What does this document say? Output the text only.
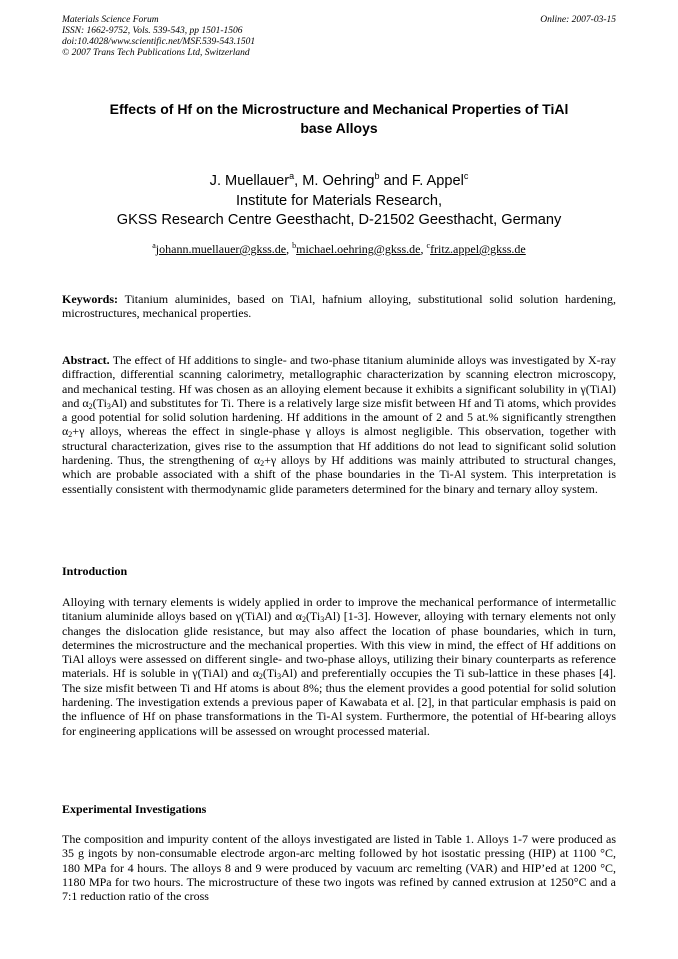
Materials Science Forum
ISSN: 1662-9752, Vols. 539-543, pp 1501-1506
doi:10.4028/www.scientific.net/MSF.539-543.1501
© 2007 Trans Tech Publications Ltd, Switzerland
Online: 2007-03-15
Effects of Hf on the Microstructure and Mechanical Properties of TiAl
base Alloys
J. Muellauer$^a$, M. Oehring$^b$ and F. Appel$^c$
Institute for Materials Research,
GKSS Research Centre Geesthacht, D-21502 Geesthacht, Germany
$^a$johann.muellauer@gkss.de, $^b$michael.oehring@gkss.de, $^c$fritz.appel@gkss.de
Keywords: Titanium aluminides, based on TiAl, hafnium alloying, substitutional solid solution hardening, microstructures, mechanical properties.
Abstract. The effect of Hf additions to single- and two-phase titanium aluminide alloys was investigated by X-ray diffraction, differential scanning calorimetry, metallographic characterization by scanning electron microscopy, and mechanical testing. Hf was chosen as an alloying element because it exhibits a significant solubility in γ(TiAl) and $\alpha_2(Ti_3Al)$ and substitutes for Ti. There is a relatively large size misfit between Hf and Ti atoms, which provides a good potential for solid solution hardening. Hf additions in the amount of 2 and 5 at.% significantly strengthen $\alpha_2+\gamma$ alloys, whereas the effect in single-phase γ alloys is almost negligible. This observation, together with structural characterization, gives rise to the assumption that Hf additions do not lead to significant solid solution hardening. Thus, the strengthening of $\alpha_2+\gamma$ alloys by Hf additions was mainly attributed to structural changes, which are probable associated with a shift of the phase boundaries in the Ti-Al system. This interpretation is essentially consistent with thermodynamic glide parameters determined for the binary and ternary alloy system.
Introduction
Alloying with ternary elements is widely applied in order to improve the mechanical performance of intermetallic titanium aluminide alloys based on γ(TiAl) and $\alpha_2(Ti_3Al)$ [1-3]. However, alloying with ternary elements not only changes the dislocation glide resistance, but may also affect the location of phase boundaries, which in turn, determines the microstructure and the mechanical properties. With this view in mind, the effect of Hf additions on TiAl alloys were assessed on different single- and two-phase alloys, utilizing their binary counterparts as reference materials. Hf is soluble in γ(TiAl) and $\alpha_2(Ti_3Al)$ and preferentially occupies the Ti sub-lattice in these phases [4]. The size misfit between Ti and Hf atoms is about 8%; thus the element provides a good potential for solid solution hardening. The investigation extends a previous paper of Kawabata et al. [2], in that particular emphasis is paid on the influence of Hf on phase transformations in the Ti-Al system. Furthermore, the potential of Hf-bearing alloys for engineering applications will be assessed on wrought processed material.
Experimental Investigations
The composition and impurity content of the alloys investigated are listed in Table 1. Alloys 1-7 were produced as 35 g ingots by non-consumable electrode argon-arc melting followed by hot isostatic pressing (HIP) at 1100 °C, 180 MPa for 4 hours. The alloys 8 and 9 were produced by vacuum arc remelting (VAR) and HIP’ed at 1200 °C, 1180 MPa for two hours. The microstructure of these two ingots was refined by canned extrusion at 1250°C and a 7:1 reduction ratio of the cross
